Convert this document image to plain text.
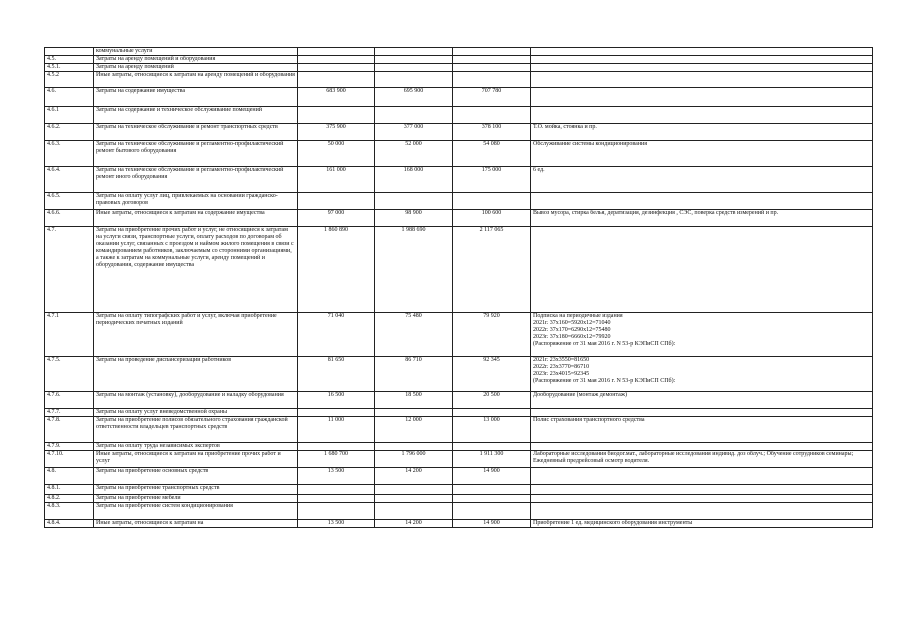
	коммунальные услуги				
4.5.	Затраты на аренду помещений и оборудования				
4.5.1.	Затраты на аренду помещений				
4.5.2	Иные затраты, относящиеся к затратам на аренду помещений и оборудования				
4.6.	Затраты на содержание имущества	683 900	695 900	707 780	
4.6.1	Затраты на содержание и техническое обслуживание помещений				
4.6.2.	Затраты на техническое обслуживание и ремонт транспортных средств	375 900	377 000	378 100	Т.О. мойка, стоянка и пр.

4.6.3.	Затраты на техническое обслуживание и регламентно-профилактический ремонт бытового оборудования	50 000	52 000	54 080	Обслуживание системы кондиционирования

4.6.4.	Затраты на техническое обслуживание и регламентно-профилактический ремонт иного оборудования	161 000	168 000	175 000	6 ед.

4.6.5.	Затраты на оплату услуг лиц, привлекаемых на основании гражданско-правовых договоров				
4.6.6.	Иные затраты, относящиеся к затратам на содержание имущества	97 000	98 900	100 600	Вывоз мусора, стирка белья, дератизация, дезинфекция , СЭС, поверка средств измерений и пр.

4.7.	Затраты на приобретение прочих работ и услуг, не относящиеся к затратам на услуги связи, транспортные услуги, оплату расходов по договорам об оказании услуг, связанных с проездом и наймом жилого помещения в связи с командированием работников, заключаемым со сторонними организациями, а также к затратам на коммунальные услуги, аренду помещений и оборудования, содержание имущества	1 860 890	1 988 690	2 117 065	
4.7.1	Затраты на оплату типографских работ и услуг, включая приобретение периодических печатных изданий	71 040	75 480	79 920	Подписка на периодичные издания
2021г. 37х160=5920х12=71040
2022г. 37х170=6290х12=75480
2023г. 37х180=6660х12=79920
(Распоряжение от 31 мая 2016 г. N 53-р КЭПиСП СПб):

4.7.5.	Затраты на проведение диспансеризации работников	81 650	86 710	92 345	2021г. 23х3550=81650
2022г. 23х3770=86710
2023г. 23х4015=92345
(Распоряжение от 31 мая 2016 г. N 53-р КЭПиСП СПб):

4.7.6.	Затраты на монтаж (установку), дооборудование и наладку оборудования	16 500	18 500	20 500	Дооборудование (монтаж демонтаж)

4.7.7.	Затраты на оплату услуг вневедомственной охраны				
4.7.8.	Затраты на приобретение полисов обязательного страхования гражданской ответственности владельцев транспортных средств	11 000	12 000	13 000	Полис страхования транспортного средства

4.7.9.	Затраты на оплату труда независимых экспертов				
4.7.10.	Иные затраты, относящиеся к затратам на приобретение прочих работ и услуг	1 680 700	1 796 000	1 911 300	Лабораторные исследования биодог.мат., лабораторные исследования индивид. доз облуч.; Обучение сотрудников семинары; Ежедневный предрейсовый осмотр водителя.

4.8.	Затраты на приобретение основных средств	13 500	14 200	14 900	
4.8.1.	Затраты на приобретение транспортных средств				
4.8.2.	Затраты на приобретение мебели				
4.8.3.	Затраты на приобретение систем кондиционирования				
4.8.4.	Иные затраты, относящиеся к затратам на	13 500	14 200	14 900	Приобретение 1 ед. медицинского оборудования инструменты
